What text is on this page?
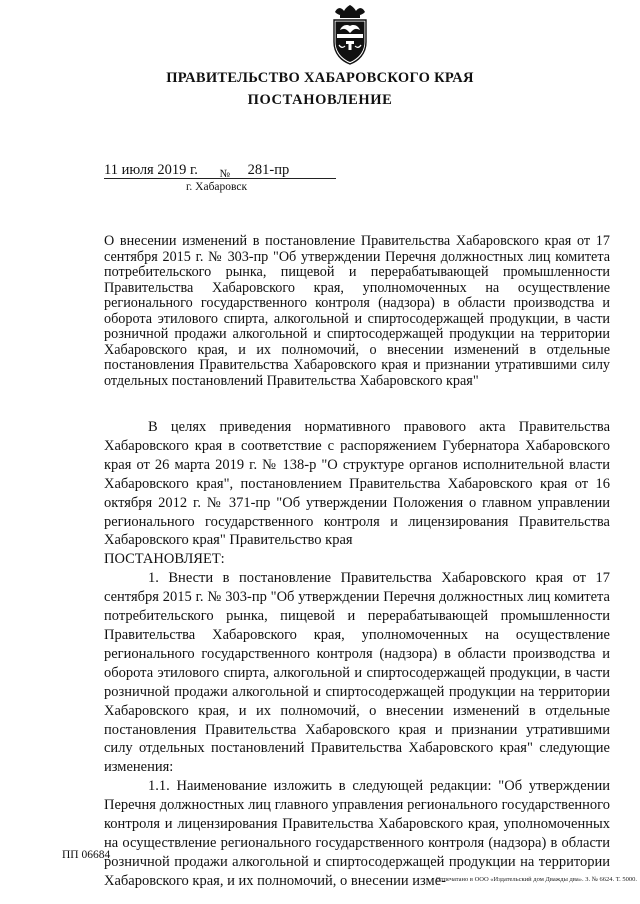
ПРАВИТЕЛЬСТВО ХАБАРОВСКОГО КРАЯ
ПОСТАНОВЛЕНИЕ
11 июля 2019 г. № 281-пр
г. Хабаровск
О внесении изменений в постановление Правительства Хабаровского края от 17 сентября 2015 г. № 303-пр "Об утверждении Перечня должностных лиц комитета потребительского рынка, пищевой и перерабатывающей промышленности Правительства Хабаровского края, уполномоченных на осуществление регионального государственного контроля (надзора) в области производства и оборота этилового спирта, алкогольной и спиртосодержащей продукции, в части розничной продажи алкогольной и спиртосодержащей продукции на территории Хабаровского края, и их полномочий, о внесении изменений в отдельные постановления Правительства Хабаровского края и признании утратившими силу отдельных постановлений Правительства Хабаровского края"

В целях приведения нормативного правового акта Правительства Хабаровского края в соответствие с распоряжением Губернатора Хабаровского края от 26 марта 2019 г. № 138-р "О структуре органов исполнительной власти Хабаровского края", постановлением Правительства Хабаровского края от 16 октября 2012 г. № 371-пр "Об утверждении Положения о главном управлении регионального государственного контроля и лицензирования Правительства Хабаровского края" Правительство края

ПОСТАНОВЛЯЕТ:

1. Внести в постановление Правительства Хабаровского края от 17 сентября 2015 г. № 303-пр "Об утверждении Перечня должностных лиц комитета потребительского рынка, пищевой и перерабатывающей промышленности Правительства Хабаровского края, уполномоченных на осуществление регионального государственного контроля (надзора) в области производства и оборота этилового спирта, алкогольной и спиртосодержащей продукции, в части розничной продажи алкогольной и спиртосодержащей продукции на территории Хабаровского края, и их полномочий, о внесении изменений в отдельные постановления Правительства Хабаровского края и признании утратившими силу отдельных постановлений Правительства Хабаровского края" следующие изменения:

1.1. Наименование изложить в следующей редакции: "Об утверждении Перечня должностных лиц главного управления регионального государственного контроля и лицензирования Правительства Хабаровского края, уполномоченных на осуществление регионального государственного контроля (надзора) в области розничной продажи алкогольной и спиртосодержащей продукции на территории Хабаровского края, и их полномочий, о внесении изме-

ПП 06684
Отпечатано в ООО «Издательский дом Дважды два». З. № 6624. Т. 5000.
